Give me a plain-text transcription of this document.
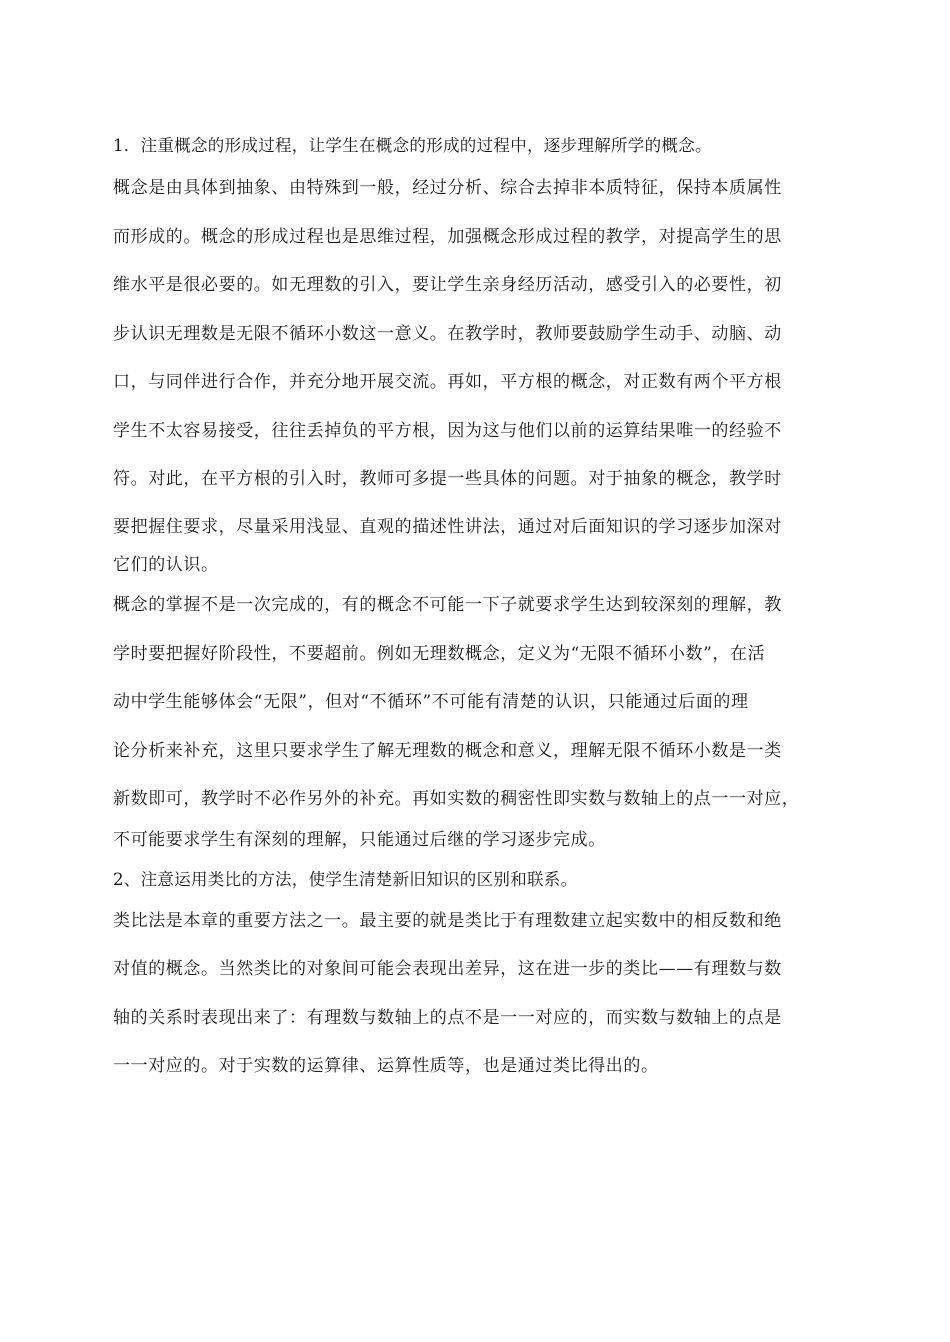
1．注重概念的形成过程，让学生在概念的形成的过程中，逐步理解所学的概念。
概念是由具体到抽象、由特殊到一般，经过分析、综合去掉非本质特征，保持本质属性
而形成的。概念的形成过程也是思维过程，加强概念形成过程的教学，对提高学生的思
维水平是很必要的。如无理数的引入，要让学生亲身经历活动，感受引入的必要性，初
步认识无理数是无限不循环小数这一意义。在教学时，教师要鼓励学生动手、动脑、动
口，与同伴进行合作，并充分地开展交流。再如，平方根的概念，对正数有两个平方根
学生不太容易接受，往往丢掉负的平方根，因为这与他们以前的运算结果唯一的经验不
符。对此，在平方根的引入时，教师可多提一些具体的问题。对于抽象的概念，教学时
要把握住要求，尽量采用浅显、直观的描述性讲法，通过对后面知识的学习逐步加深对
它们的认识。
概念的掌握不是一次完成的，有的概念不可能一下子就要求学生达到较深刻的理解，教
学时要把握好阶段性，不要超前。例如无理数概念，定义为“无限不循环小数”，在活
动中学生能够体会“无限”，但对“不循环”不可能有清楚的认识，只能通过后面的理
论分析来补充，这里只要求学生了解无理数的概念和意义，理解无限不循环小数是一类
新数即可，教学时不必作另外的补充。再如实数的稠密性即实数与数轴上的点一一对应，
不可能要求学生有深刻的理解，只能通过后继的学习逐步完成。
2、注意运用类比的方法，使学生清楚新旧知识的区别和联系。
类比法是本章的重要方法之一。最主要的就是类比于有理数建立起实数中的相反数和绝
对值的概念。当然类比的对象间可能会表现出差异，这在进一步的类比——有理数与数
轴的关系时表现出来了：有理数与数轴上的点不是一一对应的，而实数与数轴上的点是
一一对应的。对于实数的运算律、运算性质等，也是通过类比得出的。
